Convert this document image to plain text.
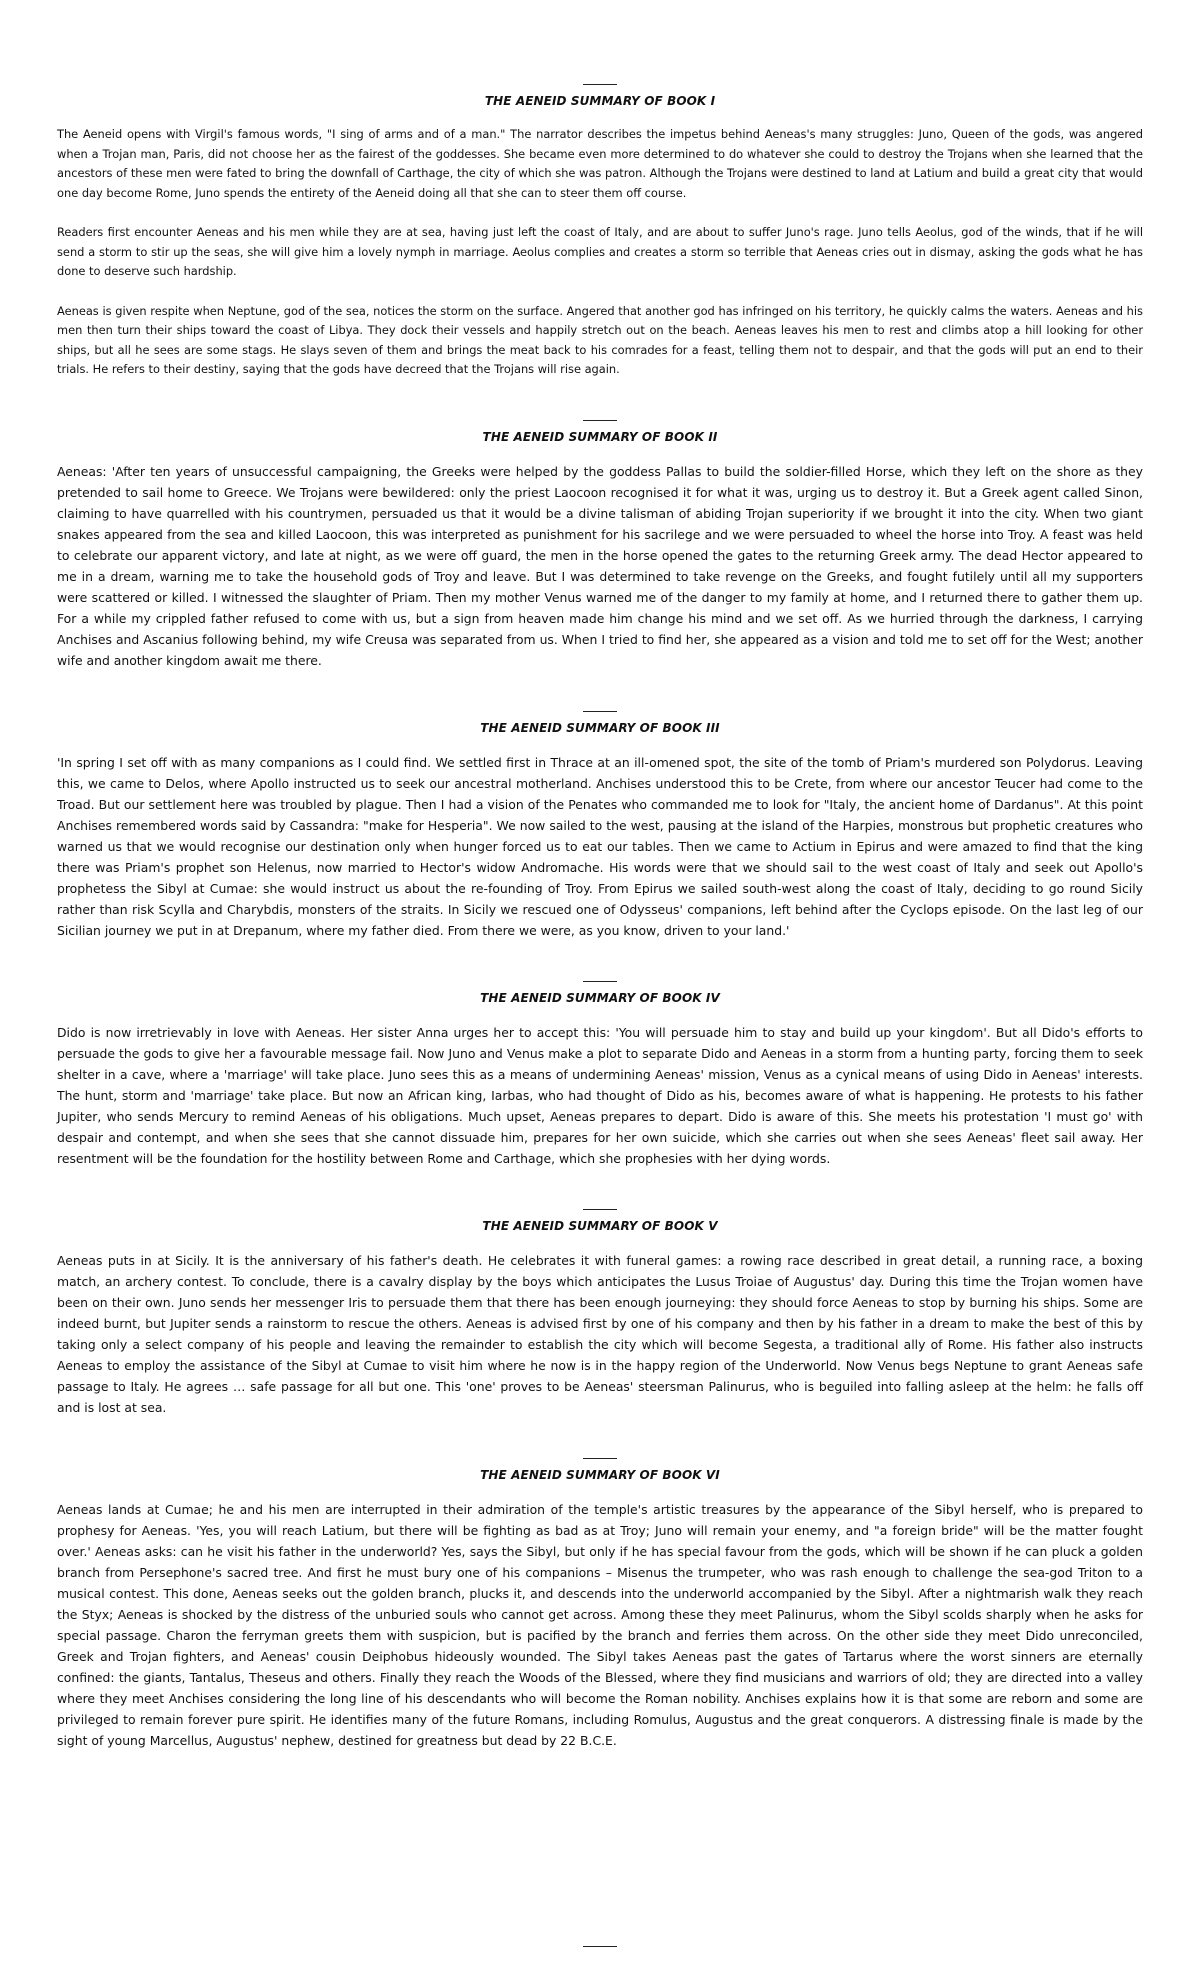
THE AENEID SUMMARY OF BOOK I

The Aeneid opens with Virgil's famous words, "I sing of arms and of a man." The narrator describes the impetus behind Aeneas's many struggles: Juno, Queen of the gods, was angered when a Trojan man, Paris, did not choose her as the fairest of the goddesses. She became even more determined to do whatever she could to destroy the Trojans when she learned that the ancestors of these men were fated to bring the downfall of Carthage, the city of which she was patron. Although the Trojans were destined to land at Latium and build a great city that would one day become Rome, Juno spends the entirety of the Aeneid doing all that she can to steer them off course.

Readers first encounter Aeneas and his men while they are at sea, having just left the coast of Italy, and are about to suffer Juno's rage. Juno tells Aeolus, god of the winds, that if he will send a storm to stir up the seas, she will give him a lovely nymph in marriage. Aeolus complies and creates a storm so terrible that Aeneas cries out in dismay, asking the gods what he has done to deserve such hardship.

Aeneas is given respite when Neptune, god of the sea, notices the storm on the surface. Angered that another god has infringed on his territory, he quickly calms the waters. Aeneas and his men then turn their ships toward the coast of Libya. They dock their vessels and happily stretch out on the beach. Aeneas leaves his men to rest and climbs atop a hill looking for other ships, but all he sees are some stags. He slays seven of them and brings the meat back to his comrades for a feast, telling them not to despair, and that the gods will put an end to their trials. He refers to their destiny, saying that the gods have decreed that the Trojans will rise again.

THE AENEID SUMMARY OF BOOK II

Aeneas: 'After ten years of unsuccessful campaigning, the Greeks were helped by the goddess Pallas to build the soldier-filled Horse, which they left on the shore as they pretended to sail home to Greece. We Trojans were bewildered: only the priest Laocoon recognised it for what it was, urging us to destroy it. But a Greek agent called Sinon, claiming to have quarrelled with his countrymen, persuaded us that it would be a divine talisman of abiding Trojan superiority if we brought it into the city. When two giant snakes appeared from the sea and killed Laocoon, this was interpreted as punishment for his sacrilege and we were persuaded to wheel the horse into Troy. A feast was held to celebrate our apparent victory, and late at night, as we were off guard, the men in the horse opened the gates to the returning Greek army. The dead Hector appeared to me in a dream, warning me to take the household gods of Troy and leave. But I was determined to take revenge on the Greeks, and fought futilely until all my supporters were scattered or killed. I witnessed the slaughter of Priam. Then my mother Venus warned me of the danger to my family at home, and I returned there to gather them up. For a while my crippled father refused to come with us, but a sign from heaven made him change his mind and we set off. As we hurried through the darkness, I carrying Anchises and Ascanius following behind, my wife Creusa was separated from us. When I tried to find her, she appeared as a vision and told me to set off for the West; another wife and another kingdom await me there.

THE AENEID SUMMARY OF BOOK III

'In spring I set off with as many companions as I could find. We settled first in Thrace at an ill-omened spot, the site of the tomb of Priam's murdered son Polydorus. Leaving this, we came to Delos, where Apollo instructed us to seek our ancestral motherland. Anchises understood this to be Crete, from where our ancestor Teucer had come to the Troad. But our settlement here was troubled by plague. Then I had a vision of the Penates who commanded me to look for "Italy, the ancient home of Dardanus". At this point Anchises remembered words said by Cassandra: "make for Hesperia". We now sailed to the west, pausing at the island of the Harpies, monstrous but prophetic creatures who warned us that we would recognise our destination only when hunger forced us to eat our tables. Then we came to Actium in Epirus and were amazed to find that the king there was Priam's prophet son Helenus, now married to Hector's widow Andromache. His words were that we should sail to the west coast of Italy and seek out Apollo's prophetess the Sibyl at Cumae: she would instruct us about the re-founding of Troy. From Epirus we sailed south-west along the coast of Italy, deciding to go round Sicily rather than risk Scylla and Charybdis, monsters of the straits. In Sicily we rescued one of Odysseus' companions, left behind after the Cyclops episode. On the last leg of our Sicilian journey we put in at Drepanum, where my father died. From there we were, as you know, driven to your land.'

THE AENEID SUMMARY OF BOOK IV

Dido is now irretrievably in love with Aeneas. Her sister Anna urges her to accept this: 'You will persuade him to stay and build up your kingdom'. But all Dido's efforts to persuade the gods to give her a favourable message fail. Now Juno and Venus make a plot to separate Dido and Aeneas in a storm from a hunting party, forcing them to seek shelter in a cave, where a 'marriage' will take place. Juno sees this as a means of undermining Aeneas' mission, Venus as a cynical means of using Dido in Aeneas' interests. The hunt, storm and 'marriage' take place. But now an African king, Iarbas, who had thought of Dido as his, becomes aware of what is happening. He protests to his father Jupiter, who sends Mercury to remind Aeneas of his obligations. Much upset, Aeneas prepares to depart. Dido is aware of this. She meets his protestation 'I must go' with despair and contempt, and when she sees that she cannot dissuade him, prepares for her own suicide, which she carries out when she sees Aeneas' fleet sail away. Her resentment will be the foundation for the hostility between Rome and Carthage, which she prophesies with her dying words.

THE AENEID SUMMARY OF BOOK V

Aeneas puts in at Sicily. It is the anniversary of his father's death. He celebrates it with funeral games: a rowing race described in great detail, a running race, a boxing match, an archery contest. To conclude, there is a cavalry display by the boys which anticipates the Lusus Troiae of Augustus' day. During this time the Trojan women have been on their own. Juno sends her messenger Iris to persuade them that there has been enough journeying: they should force Aeneas to stop by burning his ships. Some are indeed burnt, but Jupiter sends a rainstorm to rescue the others. Aeneas is advised first by one of his company and then by his father in a dream to make the best of this by taking only a select company of his people and leaving the remainder to establish the city which will become Segesta, a traditional ally of Rome. His father also instructs Aeneas to employ the assistance of the Sibyl at Cumae to visit him where he now is in the happy region of the Underworld. Now Venus begs Neptune to grant Aeneas safe passage to Italy. He agrees … safe passage for all but one. This 'one' proves to be Aeneas' steersman Palinurus, who is beguiled into falling asleep at the helm: he falls off and is lost at sea.

THE AENEID SUMMARY OF BOOK VI

Aeneas lands at Cumae; he and his men are interrupted in their admiration of the temple's artistic treasures by the appearance of the Sibyl herself, who is prepared to prophesy for Aeneas. 'Yes, you will reach Latium, but there will be fighting as bad as at Troy; Juno will remain your enemy, and "a foreign bride" will be the matter fought over.' Aeneas asks: can he visit his father in the underworld? Yes, says the Sibyl, but only if he has special favour from the gods, which will be shown if he can pluck a golden branch from Persephone's sacred tree. And first he must bury one of his companions – Misenus the trumpeter, who was rash enough to challenge the sea-god Triton to a musical contest. This done, Aeneas seeks out the golden branch, plucks it, and descends into the underworld accompanied by the Sibyl. After a nightmarish walk they reach the Styx; Aeneas is shocked by the distress of the unburied souls who cannot get across. Among these they meet Palinurus, whom the Sibyl scolds sharply when he asks for special passage. Charon the ferryman greets them with suspicion, but is pacified by the branch and ferries them across. On the other side they meet Dido unreconciled, Greek and Trojan fighters, and Aeneas' cousin Deiphobus hideously wounded. The Sibyl takes Aeneas past the gates of Tartarus where the worst sinners are eternally confined: the giants, Tantalus, Theseus and others. Finally they reach the Woods of the Blessed, where they find musicians and warriors of old; they are directed into a valley where they meet Anchises considering the long line of his descendants who will become the Roman nobility. Anchises explains how it is that some are reborn and some are privileged to remain forever pure spirit. He identifies many of the future Romans, including Romulus, Augustus and the great conquerors. A distressing finale is made by the sight of young Marcellus, Augustus' nephew, destined for greatness but dead by 22 B.C.E.
